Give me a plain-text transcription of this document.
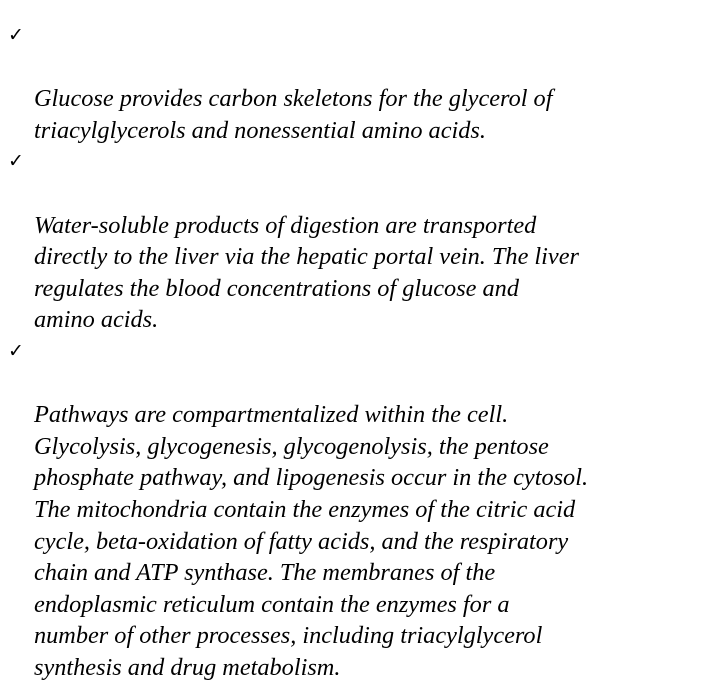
✓

Glucose provides carbon skeletons for the glycerol of
triacylglycerols and nonessential amino acids.

✓

Water-soluble products of digestion are transported
directly to the liver via the hepatic portal vein. The liver
regulates the blood concentrations of glucose and
amino acids.

✓

Pathways are compartmentalized within the cell.
Glycolysis, glycogenesis, glycogenolysis, the pentose
phosphate pathway, and lipogenesis occur in the cytosol.
The mitochondria contain the enzymes of the citric acid
cycle, beta-oxidation of fatty acids, and the respiratory
chain and ATP synthase. The membranes of the
endoplasmic reticulum contain the enzymes for a
number of other processes, including triacylglycerol
synthesis and drug metabolism.
